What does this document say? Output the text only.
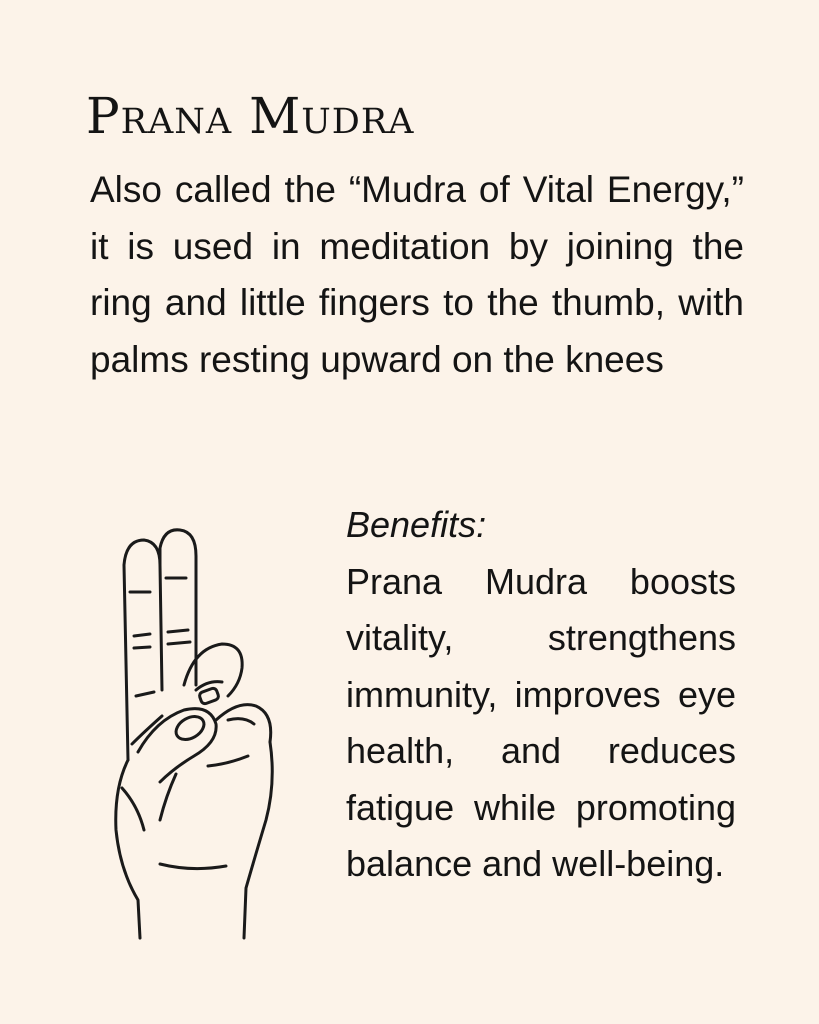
Prana Mudra

Also called the “Mudra of Vital Energy,” it is used in meditation by joining the ring and little fingers to the thumb, with palms resting upward on the knees

Benefits:

Prana Mudra boosts vitality, strengthens immunity, improves eye health, and reduces fatigue while promoting balance and well-being.
